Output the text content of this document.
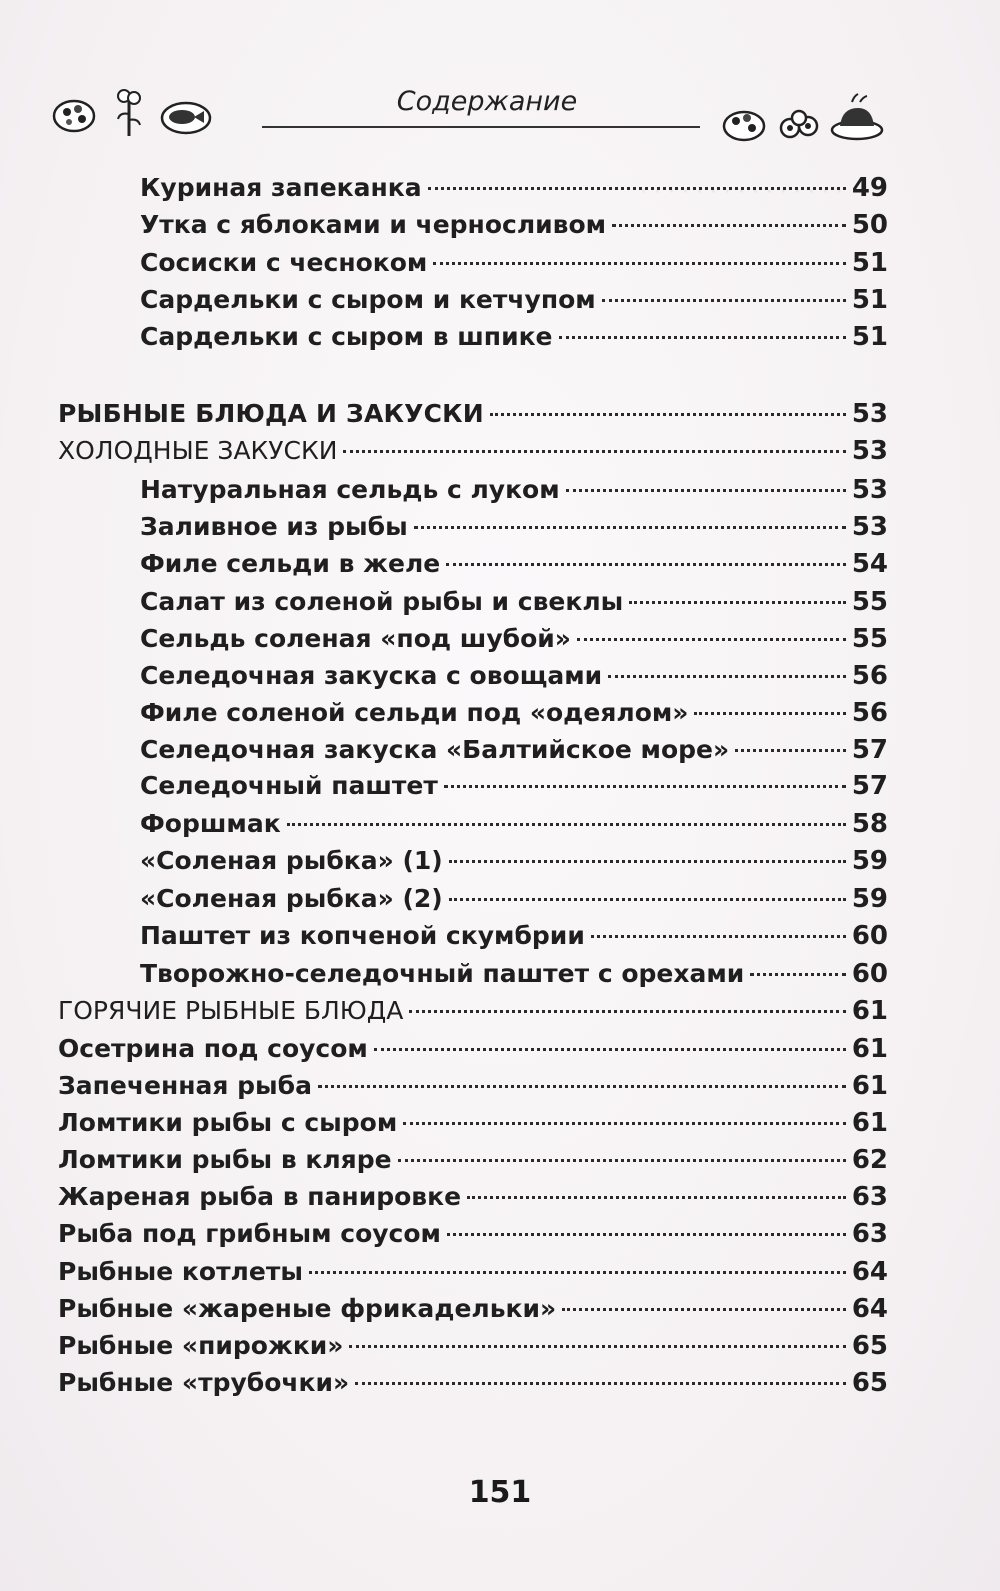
· · · · · · · · · · · · · · ·
Содержание
Куриная запеканка	49
Утка с яблоками и черносливом	50
Сосиски с чесноком	51
Сардельки с сыром и кетчупом	51
Сардельки с сыром в шпике	51
РЫБНЫЕ БЛЮДА И ЗАКУСКИ	53
ХОЛОДНЫЕ ЗАКУСКИ	53
Натуральная сельдь с луком	53
Заливное из рыбы	53
Филе сельди в желе	54
Салат из соленой рыбы и свеклы	55
Сельдь соленая «под шубой»	55
Селедочная закуска с овощами	56
Филе соленой сельди под «одеялом»	56
Селедочная закуска «Балтийское море»	57
Селедочный паштет	57
Форшмак	58
«Соленая рыбка» (1)	59
«Соленая рыбка» (2)	59
Паштет из копченой скумбрии	60
Творожно-селедочный паштет с орехами	60
ГОРЯЧИЕ РЫБНЫЕ БЛЮДА	61
Осетрина под соусом	61
Запеченная рыба	61
Ломтики рыбы с сыром	61
Ломтики рыбы в кляре	62
Жареная рыба в панировке	63
Рыба под грибным соусом	63
Рыбные котлеты	64
Рыбные «жареные фрикадельки»	64
Рыбные «пирожки»	65
Рыбные «трубочки»	65
151
